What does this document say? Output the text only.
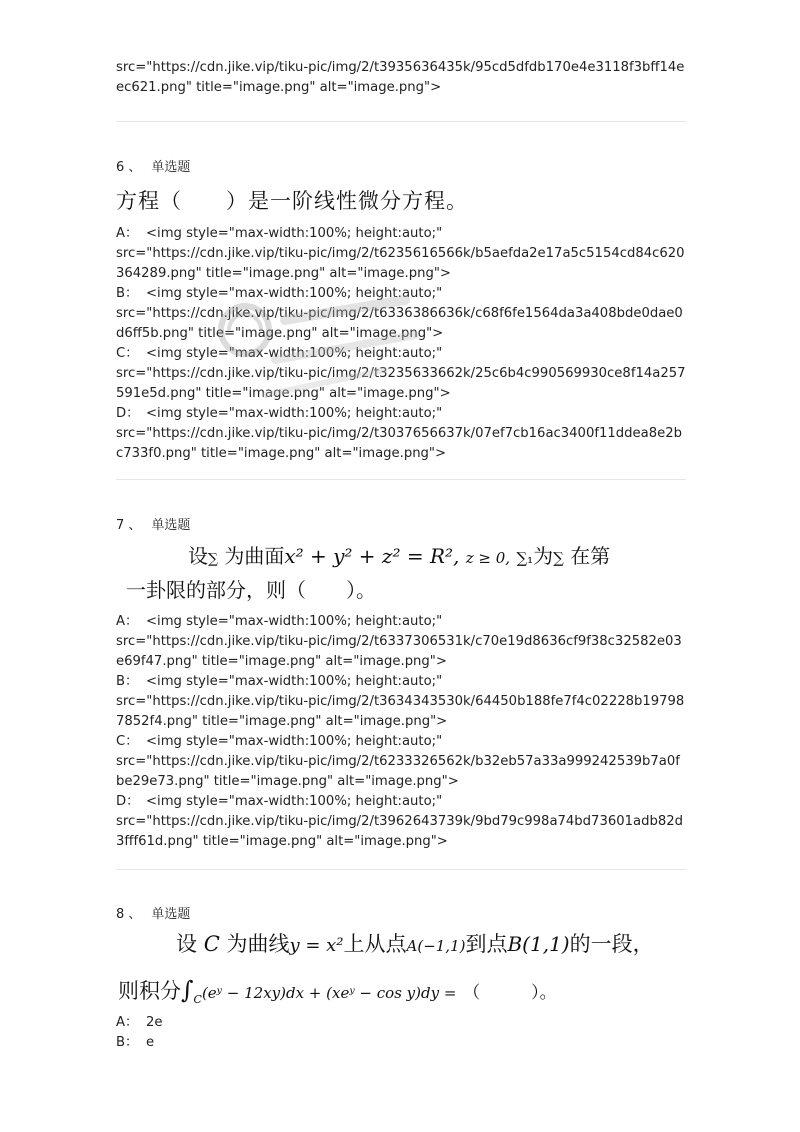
src="https://cdn.jike.vip/tiku-pic/img/2/t3935636435k/95cd5dfdb170e4e3118f3bff14e
ec621.png" title="image.png" alt="image.png">
6 、 单选题
方程（　　）是一阶线性微分方程。
A： <img style="max-width:100%; height:auto;"
src="https://cdn.jike.vip/tiku-pic/img/2/t6235616566k/b5aefda2e17a5c5154cd84c620
364289.png" title="image.png" alt="image.png">
B： <img style="max-width:100%; height:auto;"
src="https://cdn.jike.vip/tiku-pic/img/2/t6336386636k/c68f6fe1564da3a408bde0dae0
d6ff5b.png" title="image.png" alt="image.png">
C： <img style="max-width:100%; height:auto;"
src="https://cdn.jike.vip/tiku-pic/img/2/t3235633662k/25c6b4c990569930ce8f14a257
591e5d.png" title="image.png" alt="image.png">
D： <img style="max-width:100%; height:auto;"
src="https://cdn.jike.vip/tiku-pic/img/2/t3037656637k/07ef7cb16ac3400f11ddea8e2b
c733f0.png" title="image.png" alt="image.png">
7 、 单选题
设∑ 为曲面x² + y² + z² = R², z ≥ 0, ∑₁为∑ 在第
一卦限的部分，则（　　）。
A： <img style="max-width:100%; height:auto;"
src="https://cdn.jike.vip/tiku-pic/img/2/t6337306531k/c70e19d8636cf9f38c32582e03
e69f47.png" title="image.png" alt="image.png">
B： <img style="max-width:100%; height:auto;"
src="https://cdn.jike.vip/tiku-pic/img/2/t3634343530k/64450b188fe7f4c02228b19798
7852f4.png" title="image.png" alt="image.png">
C： <img style="max-width:100%; height:auto;"
src="https://cdn.jike.vip/tiku-pic/img/2/t6233326562k/b32eb57a33a999242539b7a0f
be29e73.png" title="image.png" alt="image.png">
D： <img style="max-width:100%; height:auto;"
src="https://cdn.jike.vip/tiku-pic/img/2/t3962643739k/9bd79c998a74bd73601adb82d
3fff61d.png" title="image.png" alt="image.png">
8 、 单选题
设 C 为曲线y = x²上从点A(−1,1)到点B(1,1)的一段，
则积分$\int_C(eʸ - 12xy)dx$ + (xeʸ − cos y)dy = （　　　）。
A： 2e
B： e
